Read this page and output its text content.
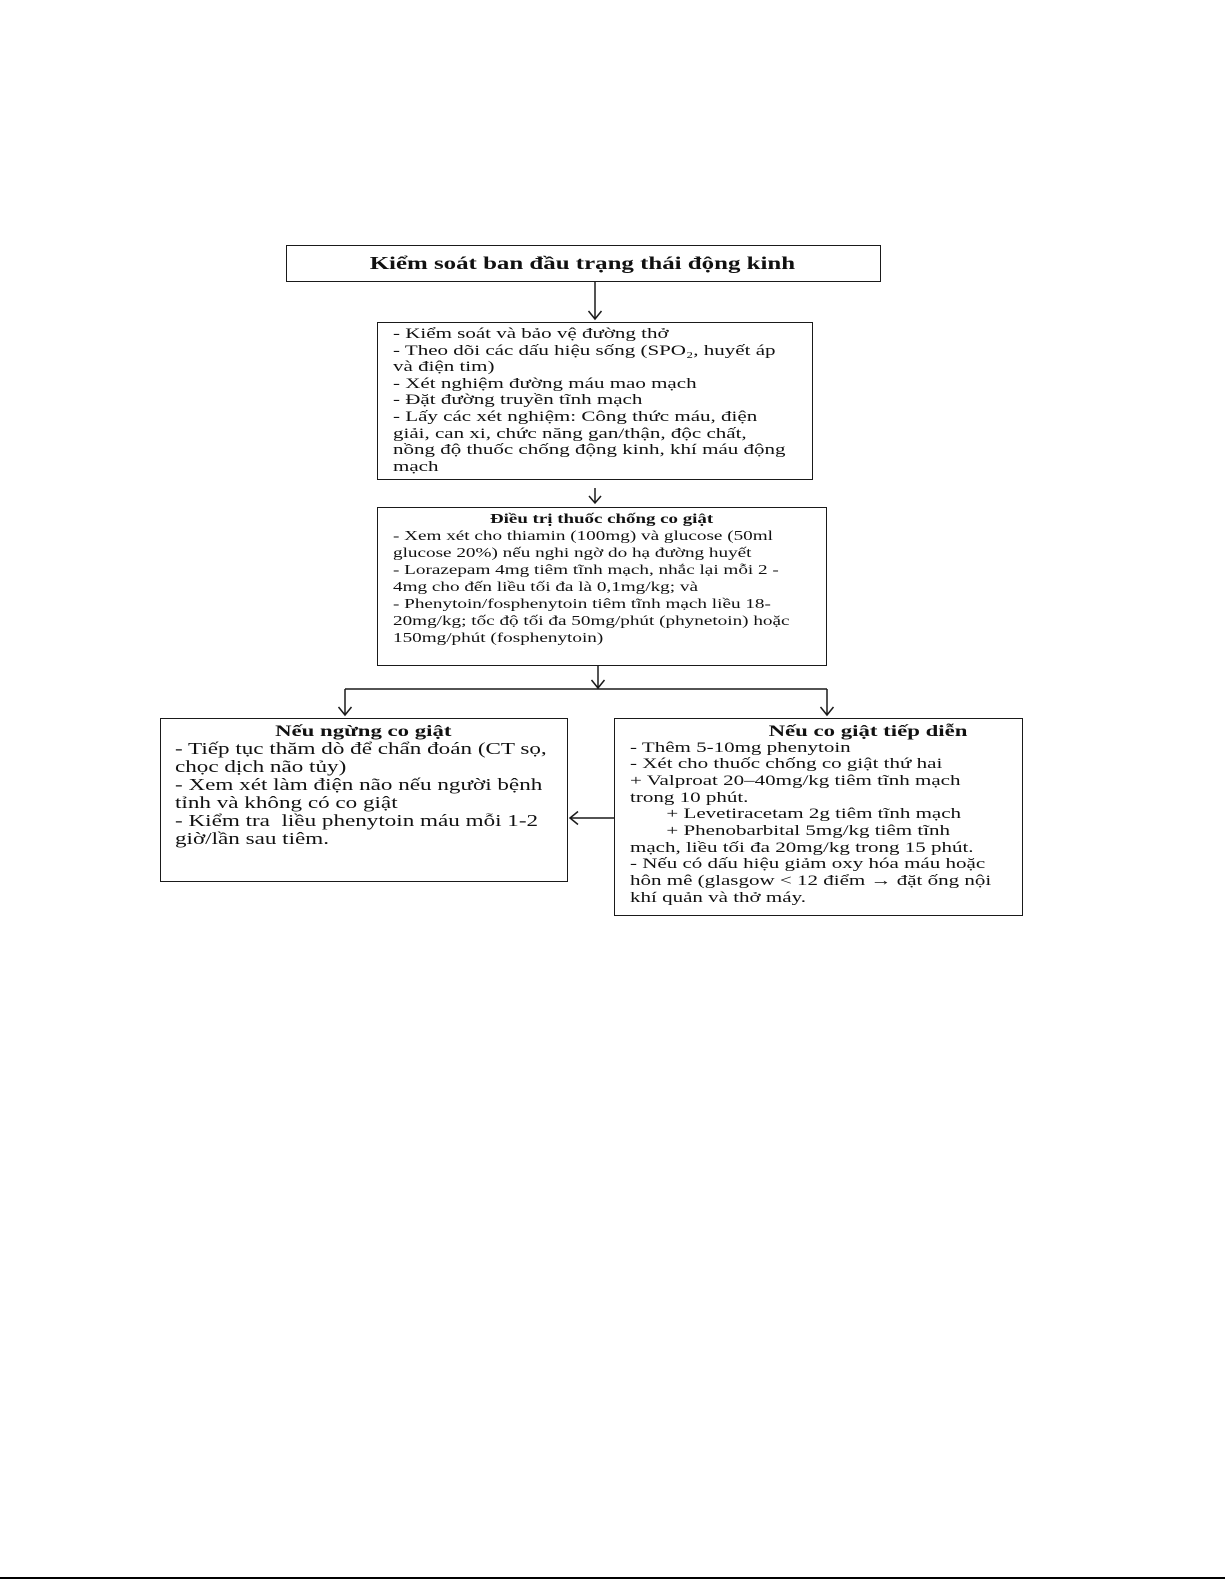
Kiểm soát ban đầu trạng thái động kinh
- Kiểm soát và bảo vệ đường thở
- Theo dõi các dấu hiệu sống (SPO₂, huyết áp
và điện tim)
- Xét nghiệm đường máu mao mạch
- Đặt đường truyền tĩnh mạch
- Lấy các xét nghiệm: Công thức máu, điện
giải, can xi, chức năng gan/thận, độc chất,
nồng độ thuốc chống động kinh, khí máu động
mạch
Điều trị thuốc chống co giật
- Xem xét cho thiamin (100mg) và glucose (50ml
glucose 20%) nếu nghi ngờ do hạ đường huyết
- Lorazepam 4mg tiêm tĩnh mạch, nhắc lại mỗi 2 -
4mg cho đến liều tối đa là 0,1mg/kg; và
- Phenytoin/fosphenytoin tiêm tĩnh mạch liều 18-
20mg/kg; tốc độ tối đa 50mg/phút (phynetoin) hoặc
150mg/phút (fosphenytoin)
Nếu ngừng co giật
- Tiếp tục thăm dò để chẩn đoán (CT sọ,
chọc dịch não tủy)
- Xem xét làm điện não nếu người bệnh
tỉnh và không có co giật
- Kiểm tra  liều phenytoin máu mỗi 1-2
giờ/lần sau tiêm.
Nếu co giật tiếp diễn
- Thêm 5-10mg phenytoin
- Xét cho thuốc chống co giật thứ hai
+ Valproat 20–40mg/kg tiêm tĩnh mạch
trong 10 phút.
+ Levetiracetam 2g tiêm tĩnh mạch
+ Phenobarbital 5mg/kg tiêm tĩnh
mạch, liều tối đa 20mg/kg trong 15 phút.
- Nếu có dấu hiệu giảm oxy hóa máu hoặc
hôn mê (glasgow < 12 điểm → đặt ống nội
khí quản và thở máy.
